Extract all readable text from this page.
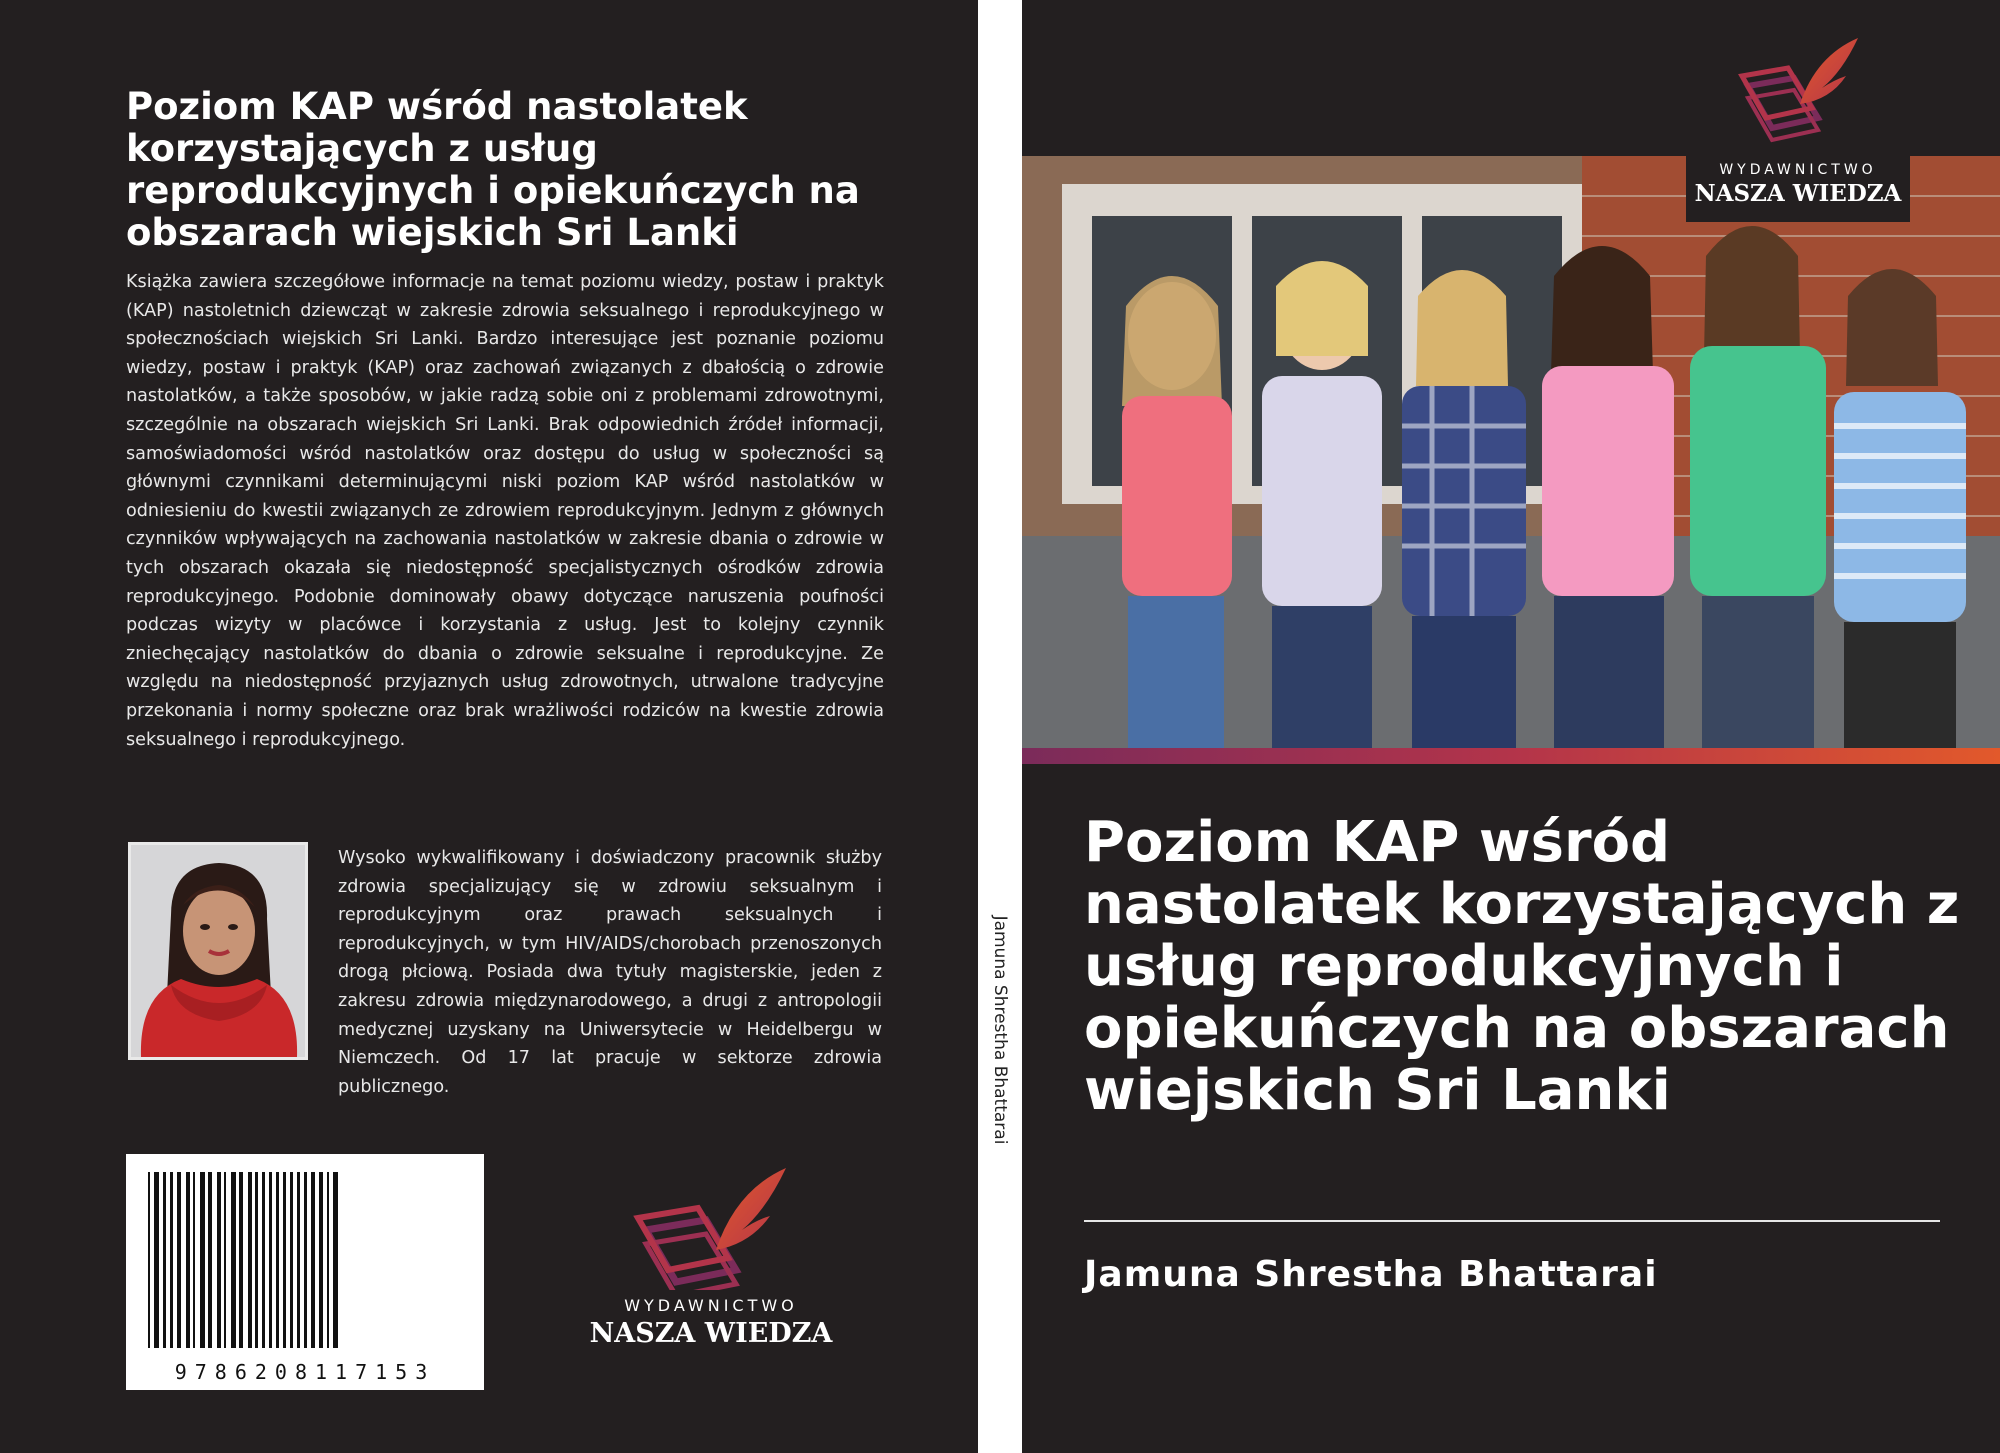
Poziom KAP wśród nastolatek korzystających z usług reprodukcyjnych i opiekuńczych na obszarach wiejskich Sri Lanki

Książka zawiera szczegółowe informacje na temat poziomu wiedzy, postaw i praktyk (KAP) nastoletnich dziewcząt w zakresie zdrowia seksualnego i reprodukcyjnego w społecznościach wiejskich Sri Lanki. Bardzo interesujące jest poznanie poziomu wiedzy, postaw i praktyk (KAP) oraz zachowań związanych z dbałością o zdrowie nastolatków, a także sposobów, w jakie radzą sobie oni z problemami zdrowotnymi, szczególnie na obszarach wiejskich Sri Lanki. Brak odpowiednich źródeł informacji, samoświadomości wśród nastolatków oraz dostępu do usług w społeczności są głównymi czynnikami determinującymi niski poziom KAP wśród nastolatków w odniesieniu do kwestii związanych ze zdrowiem reprodukcyjnym. Jednym z głównych czynników wpływających na zachowania nastolatków w zakresie dbania o zdrowie w tych obszarach okazała się niedostępność specjalistycznych ośrodków zdrowia reprodukcyjnego. Podobnie dominowały obawy dotyczące naruszenia poufności podczas wizyty w placówce i korzystania z usług. Jest to kolejny czynnik zniechęcający nastolatków do dbania o zdrowie seksualne i reprodukcyjne. Ze względu na niedostępność przyjaznych usług zdrowotnych, utrwalone tradycyjne przekonania i normy społeczne oraz brak wrażliwości rodziców na kwestie zdrowia seksualnego i reprodukcyjnego.

Wysoko wykwalifikowany i doświadczony pracownik służby zdrowia specjalizujący się w zdrowiu seksualnym i reprodukcyjnym oraz prawach seksualnych i reprodukcyjnych, w tym HIV/AIDS/chorobach przenoszonych drogą płciową. Posiada dwa tytuły magisterskie, jeden z zakresu zdrowia międzynarodowego, a drugi z antropologii medycznej uzyskany na Uniwersytecie w Heidelbergu w Niemczech. Od 17 lat pracuje w sektorze zdrowia publicznego.

9786208117153
WYDAWNICTWO
NASZA WIEDZA
Jamuna Shrestha Bhattarai
WYDAWNICTWO
NASZA WIEDZA
Poziom KAP wśród nastolatek korzystających z usług reprodukcyjnych i opiekuńczych na obszarach wiejskich Sri Lanki
Jamuna Shrestha Bhattarai
